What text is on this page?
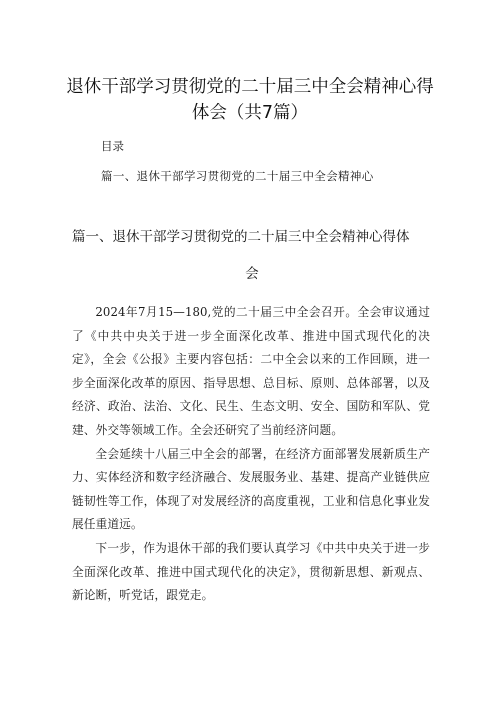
退休干部学习贯彻党的二十届三中全会精神心得体会（共7篇）

目录

篇一、退休干部学习贯彻党的二十届三中全会精神心

篇一、退休干部学习贯彻党的二十届三中全会精神心得体
会

2024年7月15—180,党的二十届三中全会召开。全会审议通过了《中共中央关于进一步全面深化改革、推进中国式现代化的决定》，全会《公报》主要内容包括：二中全会以来的工作回顾，进一步全面深化改革的原因、指导思想、总目标、原则、总体部署，以及经济、政治、法治、文化、民生、生态文明、安全、国防和军队、党建、外交等领域工作。全会还研究了当前经济问题。

全会延续十八届三中全会的部署，在经济方面部署发展新质生产力、实体经济和数字经济融合、发展服务业、基建、提高产业链供应链韧性等工作，体现了对发展经济的高度重视，工业和信息化事业发展任重道远。

下一步，作为退休干部的我们要认真学习《中共中央关于进一步全面深化改革、推进中国式现代化的决定》，贯彻新思想、新观点、新论断，听党话，跟党走。
